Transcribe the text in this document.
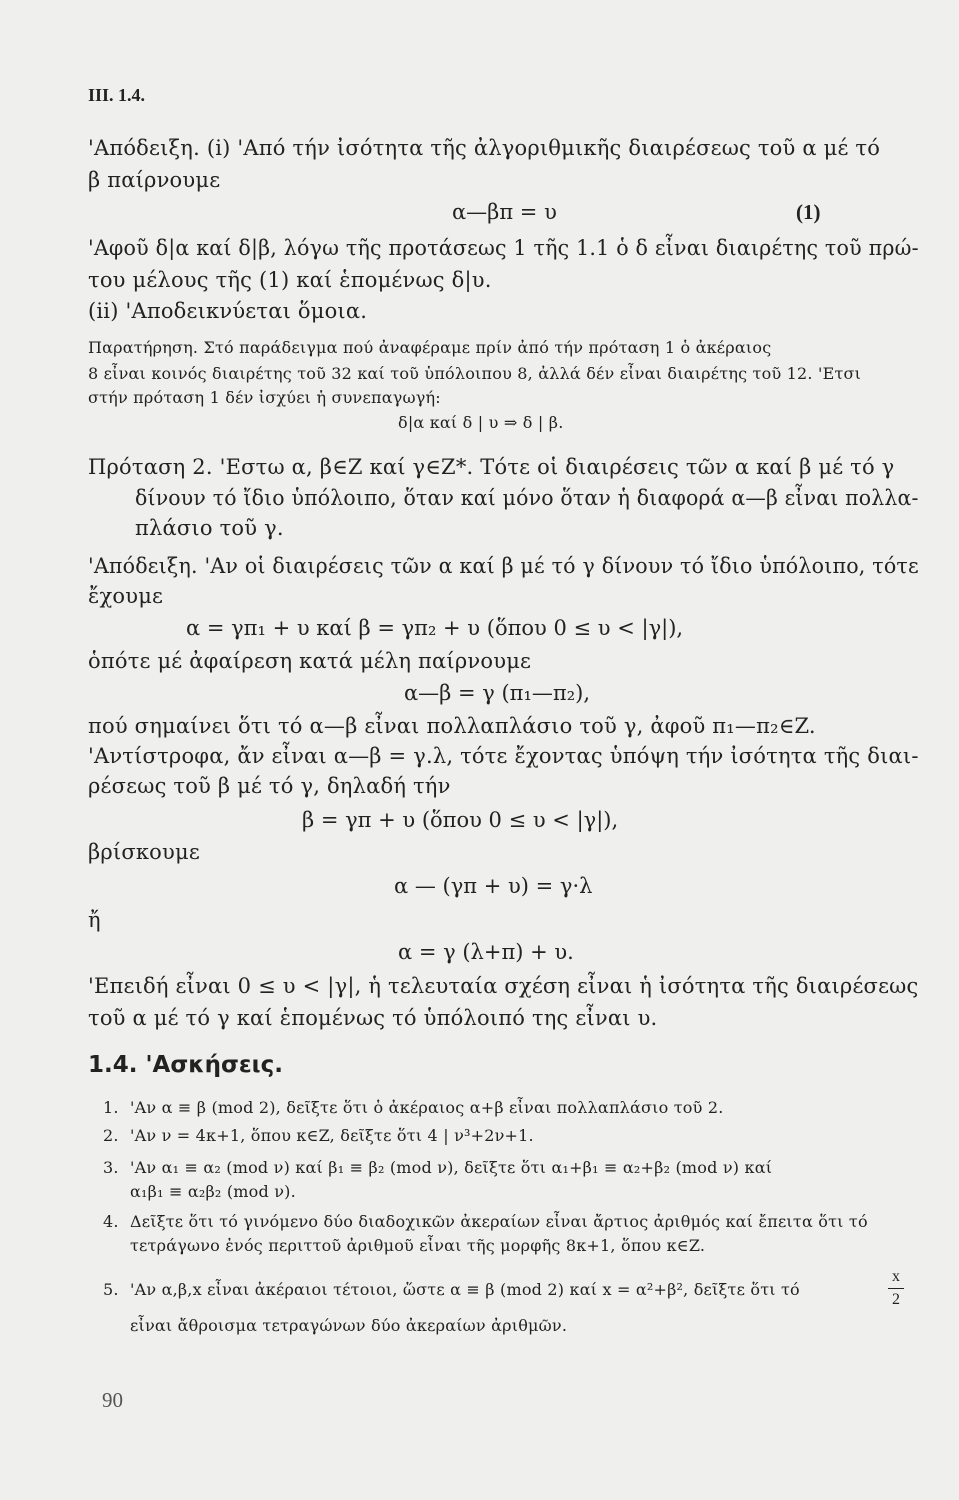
III. 1.4.
'Απόδειξη. (i) 'Από τήν ἰσότητα τῆς ἀλγοριθμικῆς διαιρέσεως τοῦ α μέ τό
β παίρνουμε
α—βπ = υ	(1)
'Αφοῦ δ|α καί δ|β, λόγω τῆς προτάσεως 1 τῆς 1.1 ὁ δ εἶναι διαιρέτης τοῦ πρώ-
του μέλους τῆς (1) καί ἑπομένως δ|υ.
(ii) 'Αποδεικνύεται ὅμοια.
Παρατήρηση. Στό παράδειγμα πού ἀναφέραμε πρίν ἀπό τήν πρόταση 1 ὁ ἀκέραιος
8 εἶναι κοινός διαιρέτης τοῦ 32 καί τοῦ ὑπόλοιπου 8, ἀλλά δέν εἶναι διαιρέτης τοῦ 12. 'Ετσι
στήν πρόταση 1 δέν ἰσχύει ἡ συνεπαγωγή:
δ|α καί δ | υ ⇒ δ | β.
Πρόταση 2. 'Εστω α, β∈Z καί γ∈Z*. Τότε οἱ διαιρέσεις τῶν α καί β μέ τό γ
δίνουν τό ἴδιο ὑπόλοιπο, ὅταν καί μόνο ὅταν ἡ διαφορά α—β εἶναι πολλα-
πλάσιο τοῦ γ.
'Απόδειξη. 'Αν οἱ διαιρέσεις τῶν α καί β μέ τό γ δίνουν τό ἴδιο ὑπόλοιπο, τότε
ἔχουμε
α = γπ₁ + υ καί β = γπ₂ + υ (ὅπου 0 ≤ υ < |γ|),
ὁπότε μέ ἀφαίρεση κατά μέλη παίρνουμε
α—β = γ (π₁—π₂),
πού σημαίνει ὅτι τό α—β εἶναι πολλαπλάσιο τοῦ γ, ἀφοῦ π₁—π₂∈Z.
'Αντίστροφα, ἄν εἶναι α—β = γ.λ, τότε ἔχοντας ὑπόψη τήν ἰσότητα τῆς διαι-
ρέσεως τοῦ β μέ τό γ, δηλαδή τήν
β = γπ + υ (ὅπου 0 ≤ υ < |γ|),
βρίσκουμε
α — (γπ + υ) = γ·λ
ἤ
α = γ (λ+π) + υ.
'Επειδή εἶναι 0 ≤ υ < |γ|, ἡ τελευταία σχέση εἶναι ἡ ἰσότητα τῆς διαιρέσεως
τοῦ α μέ τό γ καί ἑπομένως τό ὑπόλοιπό της εἶναι υ.
1.4. 'Ασκήσεις.
1. 'Αν α ≡ β (mod 2), δεῖξτε ὅτι ὁ ἀκέραιος α+β εἶναι πολλαπλάσιο τοῦ 2.
2. 'Αν ν = 4κ+1, ὅπου κ∈Z, δεῖξτε ὅτι 4 | ν³+2ν+1.
3. 'Αν α₁ ≡ α₂ (mod ν) καί β₁ ≡ β₂ (mod ν), δεῖξτε ὅτι α₁+β₁ ≡ α₂+β₂ (mod ν) καί
α₁β₁ ≡ α₂β₂ (mod ν).
4. Δεῖξτε ὅτι τό γινόμενο δύο διαδοχικῶν ἀκεραίων εἶναι ἄρτιος ἀριθμός καί ἔπειτα ὅτι τό
τετράγωνο ἑνός περιττοῦ ἀριθμοῦ εἶναι τῆς μορφῆς 8κ+1, ὅπου κ∈Z.
5. 'Αν α,β,x εἶναι ἀκέραιοι τέτοιοι, ὥστε α ≡ β (mod 2) καί x = α²+β², δεῖξτε ὅτι τό
x
2
εἶναι ἄθροισμα τετραγώνων δύο ἀκεραίων ἀριθμῶν.
90
